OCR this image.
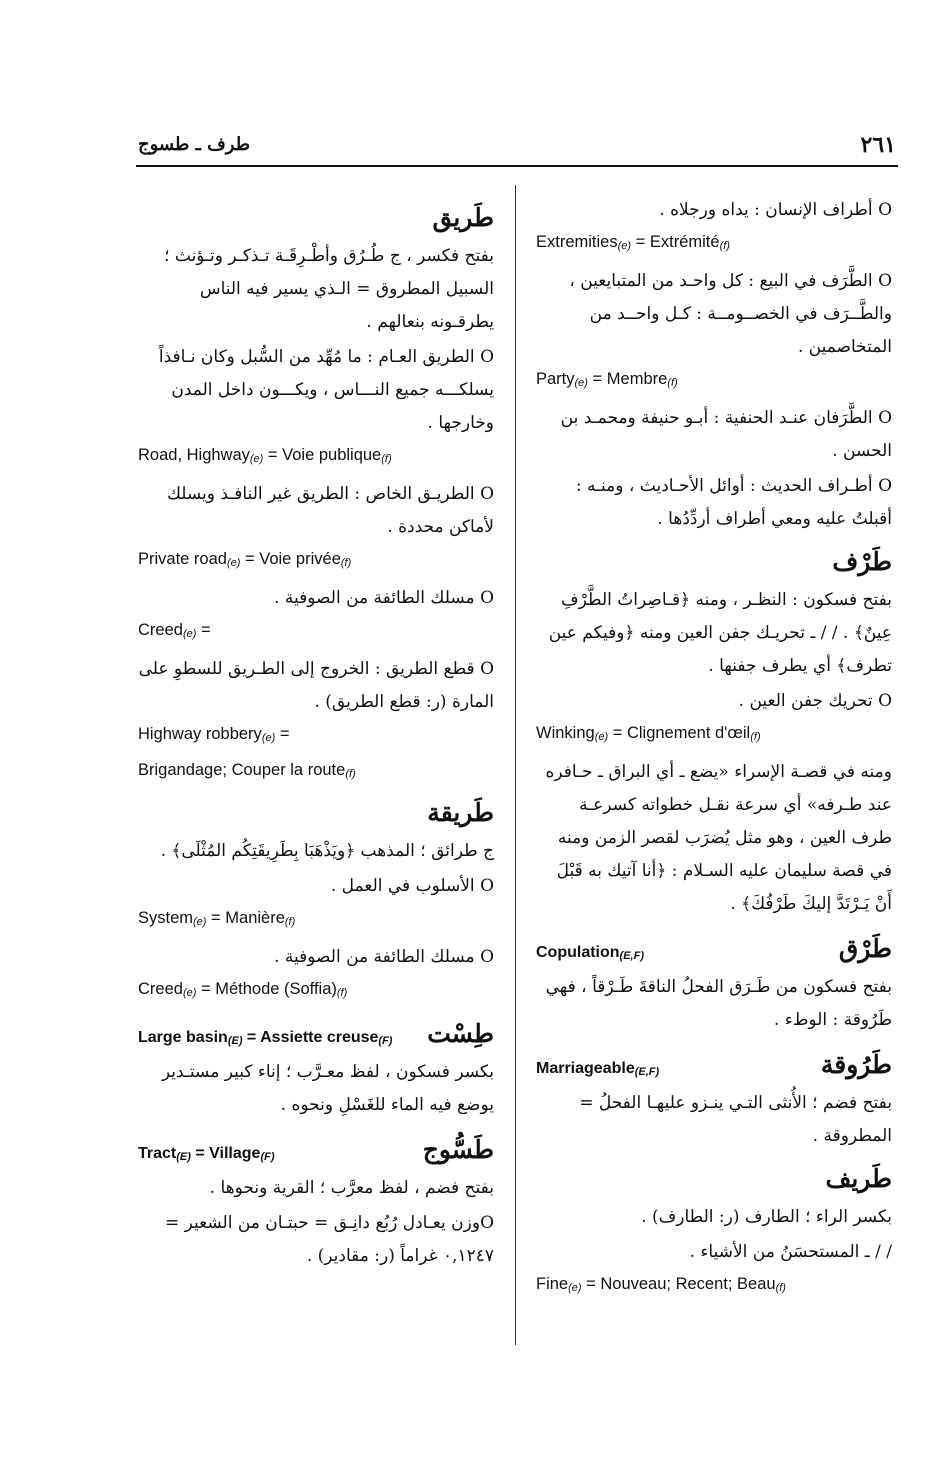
٢٦١
طرف ـ طسوج

O أطراف الإنسان : يداه ورجلاه .

Extremities$_{(e)}$ = Extrémité$_{(f)}$

O الطَّرَف في البيع : كل واحـد من المتبايعين ، والطَّــرَف في الخصــومــة : كـل واحــد من المتخاصمين .

Party$_{(e)}$ = Membre$_{(f)}$

O الطَّرَفان عنـد الحنفية : أبـو حنيفة ومحمـد بن الحسن .

O أطـراف الحديث : أوائل الأحـاديث ، ومنـه : أقبلتُ عليه ومعي أطراف أردِّدُها .

طَرْف

بفتح فسكون : النظـر ، ومنه ﴿قـاصِراتُ الطَّرْفِ عِينٌ﴾ . / / ـ تحريـك جفن العين ومنه ﴿وفيكم عين تطرف﴾ أي يطرف جفنها .

O تحريك جفن العين .

Winking$_{(e)}$ = Clignement d'œil$_{(f)}$

ومنه في قصـة الإسراء «يضع ـ أي البراق ـ حـافره عند طـرفه» أي سرعة نقـل خطواته كسرعـة طرف العين ، وهو مثل يُضرَب لقصر الزمن ومنه في قصة سليمان عليه السـلام : ﴿أنا آتيك به قَبْلَ أَنْ يَـرْتَدَّ إليكَ طَرْفُكَ﴾ .

Copulation$_{(E,F)}$	طَرْق

بفتح فسكون من طَـرَق الفحلُ الناقةَ طَـرْقاً ، فهي طَرُوقة : الوطء .

Marriageable$_{(E,F)}$	طَرُوقة

بفتح فضم ؛ الأُنثى التـي ينـزو عليهـا الفحلُ = المطروقة .

طَريف

بكسر الراء ؛ الطارف (ر: الطارف) .

/ / ـ المستحسَنُ من الأشياء .

Fine$_{(e)}$ = Nouveau; Recent; Beau$_{(f)}$

طَريق

بفتح فكسر ، ج طُـرُق وأطْـرِقَـة تـذكـر وتـؤنث ؛ السبيل المطروق = الـذي يسير فيه الناس يطرقـونه بنعالهم .

O الطريق العـام : ما مُهِّد من السُّبل وكان نـافذاً يسلكـــه جميع النـــاس ، ويكـــون داخل المدن وخارجها .

Road, Highway$_{(e)}$ = Voie publique$_{(f)}$

O الطريـق الخاص : الطريق غير النافـذ ويسلك لأماكن محددة .

Private road$_{(e)}$ = Voie privée$_{(f)}$

O مسلك الطائفة من الصوفية .

Creed$_{(e)}$ =

O قطع الطريق : الخروج إلى الطـريق للسطوِ على المارة (ر: قطع الطريق) .

Highway robbery$_{(e)}$ =

Brigandage; Couper la route$_{(f)}$

طَريقة

ج طرائق ؛ المذهب ﴿ويَذْهَبَا بِطَرِيقَتِكُم المُثْلَى﴾ .

O الأسلوب في العمل .

System$_{(e)}$ = Manière$_{(f)}$

O مسلك الطائفة من الصوفية .

Creed$_{(e)}$ = Méthode $(Soffia)_{(f)}$

Large basin$_{(E)}$ = Assiette creuse$_{(F)}$ طِسْت

بكسر فسكون ، لفظ معـرَّب ؛ إناء كبير مستـدير يوضع فيه الماء للغَسْلِ ونحوه .

Tract$_{(E)}$ = Village$_{(F)}$	طَسُّوج

بفتح فضم ، لفظ معرَّب ؛ القرية ونحوها .

Oوزن يعـادل رُبُع دانِـق = حبتـان من الشعير = ٠,١٢٤٧ غراماً (ر: مقادير) .
